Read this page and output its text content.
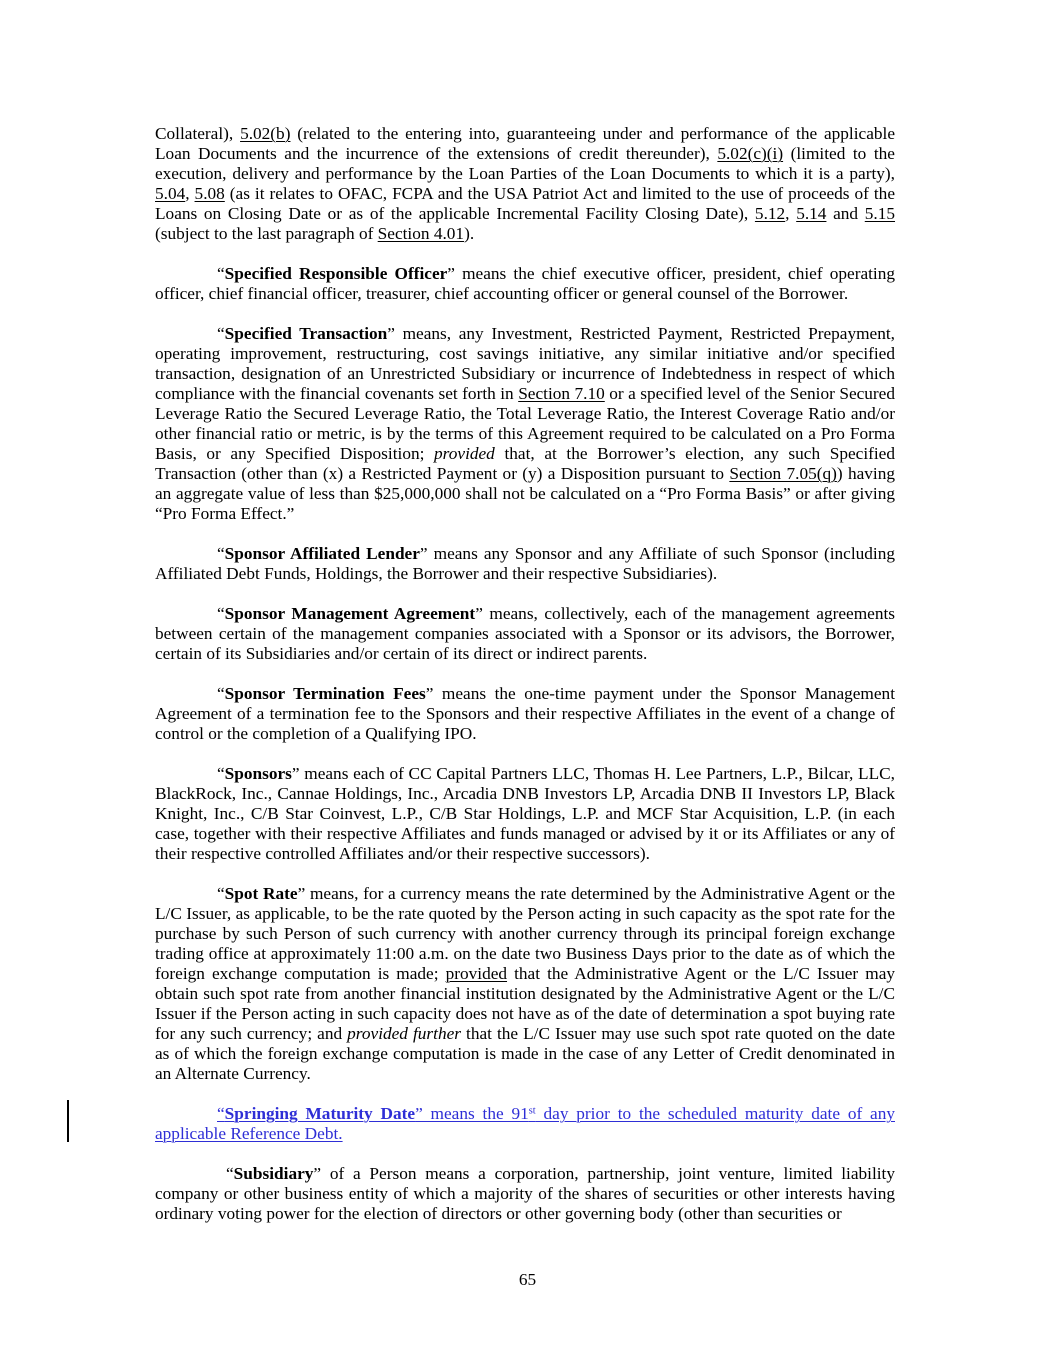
Collateral), 5.02(b) (related to the entering into, guaranteeing under and performance of the applicable Loan Documents and the incurrence of the extensions of credit thereunder), 5.02(c)(i) (limited to the execution, delivery and performance by the Loan Parties of the Loan Documents to which it is a party), 5.04, 5.08 (as it relates to OFAC, FCPA and the USA Patriot Act and limited to the use of proceeds of the Loans on Closing Date or as of the applicable Incremental Facility Closing Date), 5.12, 5.14 and 5.15 (subject to the last paragraph of Section 4.01).

“Specified Responsible Officer” means the chief executive officer, president, chief operating officer, chief financial officer, treasurer, chief accounting officer or general counsel of the Borrower.

“Specified Transaction” means, any Investment, Restricted Payment, Restricted Prepayment, operating improvement, restructuring, cost savings initiative, any similar initiative and/or specified transaction, designation of an Unrestricted Subsidiary or incurrence of Indebtedness in respect of which compliance with the financial covenants set forth in Section 7.10 or a specified level of the Senior Secured Leverage Ratio the Secured Leverage Ratio, the Total Leverage Ratio, the Interest Coverage Ratio and/or other financial ratio or metric, is by the terms of this Agreement required to be calculated on a Pro Forma Basis, or any Specified Disposition; provided that, at the Borrower’s election, any such Specified Transaction (other than (x) a Restricted Payment or (y) a Disposition pursuant to Section 7.05(q)) having an aggregate value of less than $25,000,000 shall not be calculated on a “Pro Forma Basis” or after giving “Pro Forma Effect.”

“Sponsor Affiliated Lender” means any Sponsor and any Affiliate of such Sponsor (including Affiliated Debt Funds, Holdings, the Borrower and their respective Subsidiaries).

“Sponsor Management Agreement” means, collectively, each of the management agreements between certain of the management companies associated with a Sponsor or its advisors, the Borrower, certain of its Subsidiaries and/or certain of its direct or indirect parents.

“Sponsor Termination Fees” means the one-time payment under the Sponsor Management Agreement of a termination fee to the Sponsors and their respective Affiliates in the event of a change of control or the completion of a Qualifying IPO.

“Sponsors” means each of CC Capital Partners LLC, Thomas H. Lee Partners, L.P., Bilcar, LLC, BlackRock, Inc., Cannae Holdings, Inc., Arcadia DNB Investors LP, Arcadia DNB II Investors LP, Black Knight, Inc., C/B Star Coinvest, L.P., C/B Star Holdings, L.P. and MCF Star Acquisition, L.P. (in each case, together with their respective Affiliates and funds managed or advised by it or its Affiliates or any of their respective controlled Affiliates and/or their respective successors).

“Spot Rate” means, for a currency means the rate determined by the Administrative Agent or the L/C Issuer, as applicable, to be the rate quoted by the Person acting in such capacity as the spot rate for the purchase by such Person of such currency with another currency through its principal foreign exchange trading office at approximately 11:00 a.m. on the date two Business Days prior to the date as of which the foreign exchange computation is made; provided that the Administrative Agent or the L/C Issuer may obtain such spot rate from another financial institution designated by the Administrative Agent or the L/C Issuer if the Person acting in such capacity does not have as of the date of determination a spot buying rate for any such currency; and provided further that the L/C Issuer may use such spot rate quoted on the date as of which the foreign exchange computation is made in the case of any Letter of Credit denominated in an Alternate Currency.

“Springing Maturity Date” means the 91st day prior to the scheduled maturity date of any applicable Reference Debt.

“Subsidiary” of a Person means a corporation, partnership, joint venture, limited liability company or other business entity of which a majority of the shares of securities or other interests having ordinary voting power for the election of directors or other governing body (other than securities or

65
